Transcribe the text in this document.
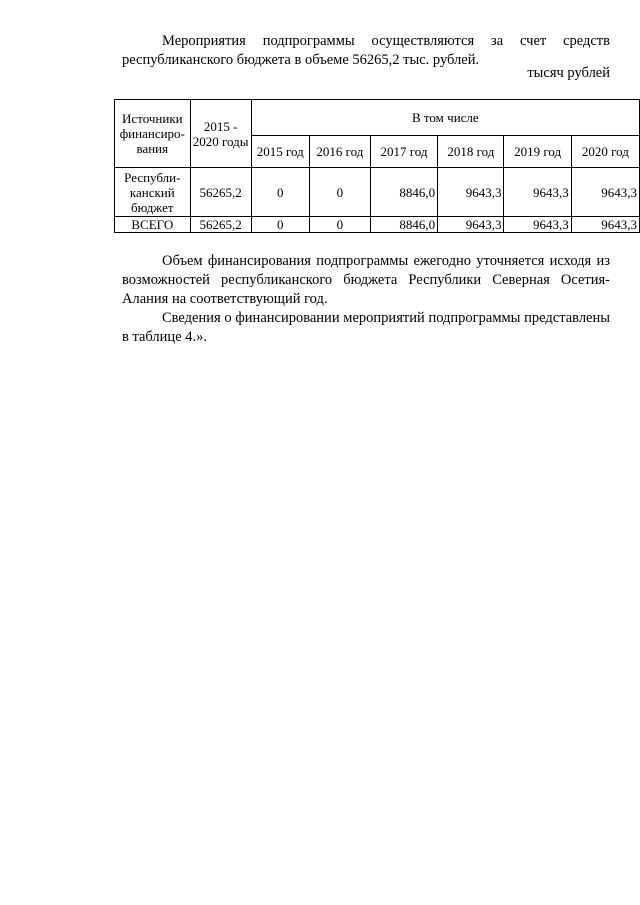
Мероприятия подпрограммы осуществляются за счет средств республиканского бюджета в объеме 56265,2 тыс. рублей.

тысяч рублей

Источники финансиро-вания	2015 - 2020 годы	В том числе					
		2015 год	2016 год	2017 год	2018 год	2019 год	2020 год
Республи-канский бюджет	56265,2	0	0	8846,0	9643,3	9643,3	9643,3
ВСЕГО	56265,2	0	0	8846,0	9643,3	9643,3	9643,3

Объем финансирования подпрограммы ежегодно уточняется исходя из возможностей республиканского бюджета Республики Северная Осетия-Алания на соответствующий год.

Сведения о финансировании мероприятий подпрограммы представлены в таблице 4.».
